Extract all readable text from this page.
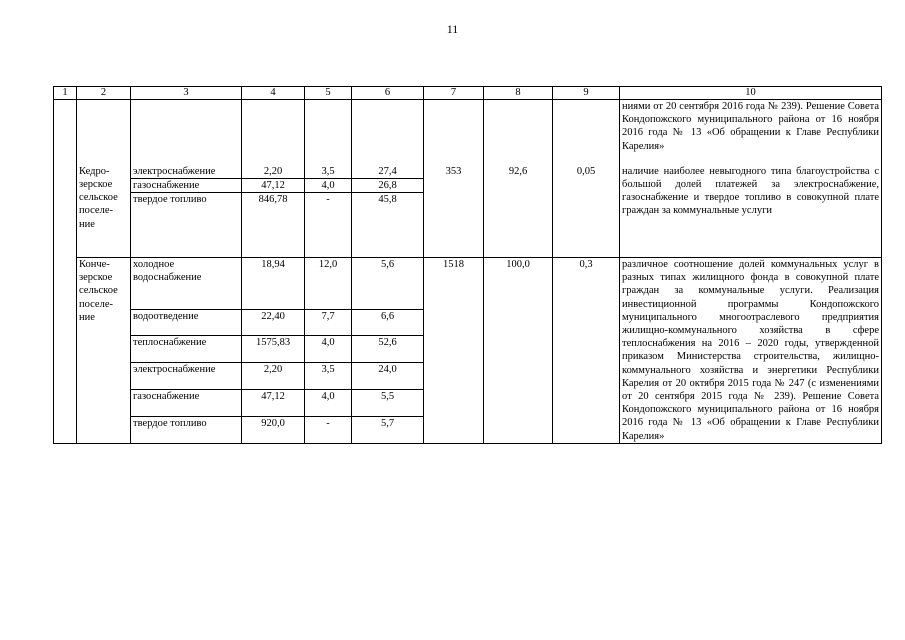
11
1	2	3	4	5	6	7	8	9	10
									ниями от 20 сентября 2016 года № 239). Решение Совета Кондопожского муниципального района от 16 ноября 2016 года № 13 «Об обращении к Главе Республики Карелия»

	Кедро-зерское сельское поселе-ние	электроснабжение	2,20	3,5	27,4	353	92,6	0,05	наличие наиболее невыгодного типа благоустройства с большой долей платежей за электроснабжение, газоснабжение и твердое топливо в совокупной плате граждан за коммунальные услуги
		газоснабжение	47,12	4,0	26,8				
		твердое топливо	846,78	-	45,8				

	Конче-зерское сельское поселе-ние	холодное водоснабжение	18,94	12,0	5,6	1518	100,0	0,3	различное соотношение долей коммунальных услуг в разных типах жилищного фонда в совокупной плате граждан за коммунальные услуги. Реализация инвестиционной программы Кондопожского муниципального многоотраслевого предприятия жилищно-коммунального хозяйства в сфере теплоснабжения на 2016 – 2020 годы, утвержденной приказом Министерства строительства, жилищно-коммунального хозяйства и энергетики Республики Карелия от 20 октября 2015 года № 247 (с изменениями от 20 сентября 2015 года № 239). Решение Совета Кондопожского муниципального района от 16 ноября 2016 года № 13 «Об обращении к Главе Республики Карелия»
		водоотведение	22,40	7,7	6,6				
		теплоснабжение	1575,83	4,0	52,6				
		электроснабжение	2,20	3,5	24,0				
		газоснабжение	47,12	4,0	5,5				
		твердое топливо	920,0	-	5,7				
